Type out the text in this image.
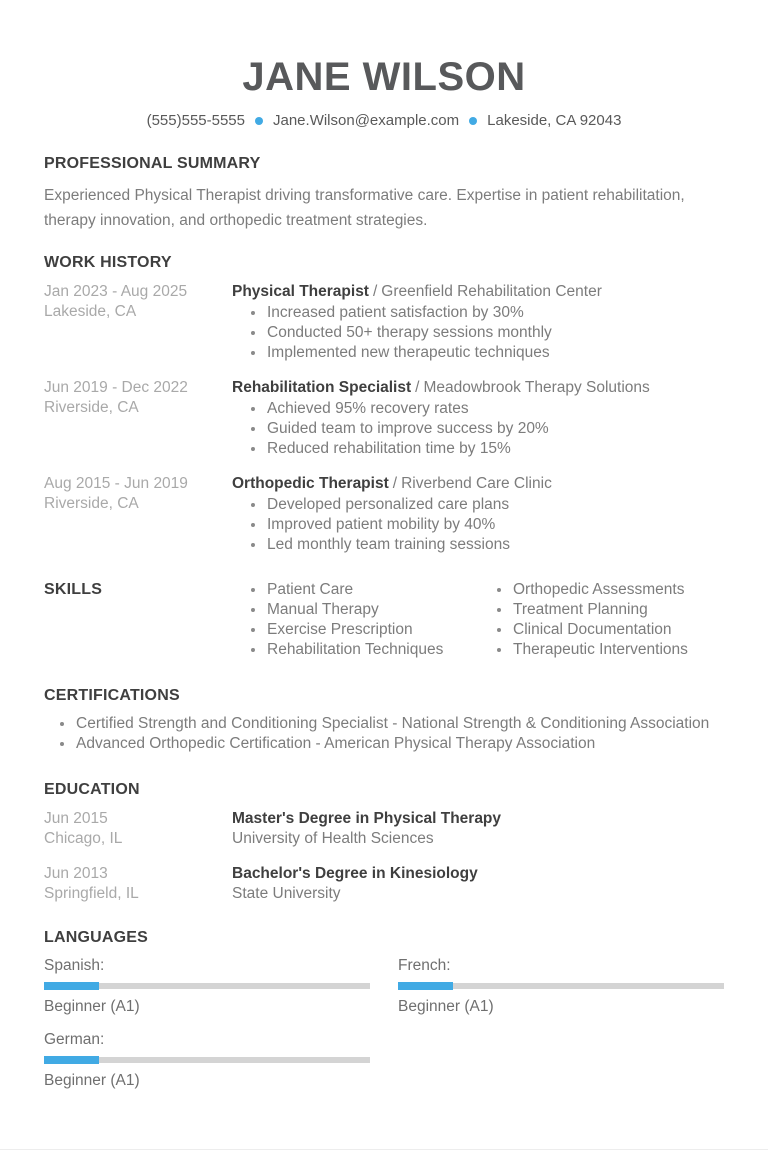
JANE WILSON
(555)555-5555 Jane.Wilson@example.com Lakeside, CA 92043
PROFESSIONAL SUMMARY

Experienced Physical Therapist driving transformative care. Expertise in patient rehabilitation, therapy innovation, and orthopedic treatment strategies.

WORK HISTORY
Jan 2023 - Aug 2025
Lakeside, CA
Physical Therapist / Greenfield Rehabilitation Center
Increased patient satisfaction by 30%
Conducted 50+ therapy sessions monthly
Implemented new therapeutic techniques
Jun 2019 - Dec 2022
Riverside, CA
Rehabilitation Specialist / Meadowbrook Therapy Solutions
Achieved 95% recovery rates
Guided team to improve success by 20%
Reduced rehabilitation time by 15%
Aug 2015 - Jun 2019
Riverside, CA
Orthopedic Therapist / Riverbend Care Clinic
Developed personalized care plans
Improved patient mobility by 40%
Led monthly team training sessions
SKILLS	Patient Care
Manual Therapy
Exercise Prescription
Rehabilitation Techniques
Orthopedic Assessments
Treatment Planning
Clinical Documentation
Therapeutic Interventions
CERTIFICATIONS
Certified Strength and Conditioning Specialist - National Strength & Conditioning Association
Advanced Orthopedic Certification - American Physical Therapy Association
EDUCATION
Jun 2015
Chicago, IL
Master's Degree in Physical Therapy
University of Health Sciences
Jun 2013
Springfield, IL
Bachelor's Degree in Kinesiology
State University
LANGUAGES
Spanish:
Beginner (A1)
French:
Beginner (A1)
German:
Beginner (A1)
